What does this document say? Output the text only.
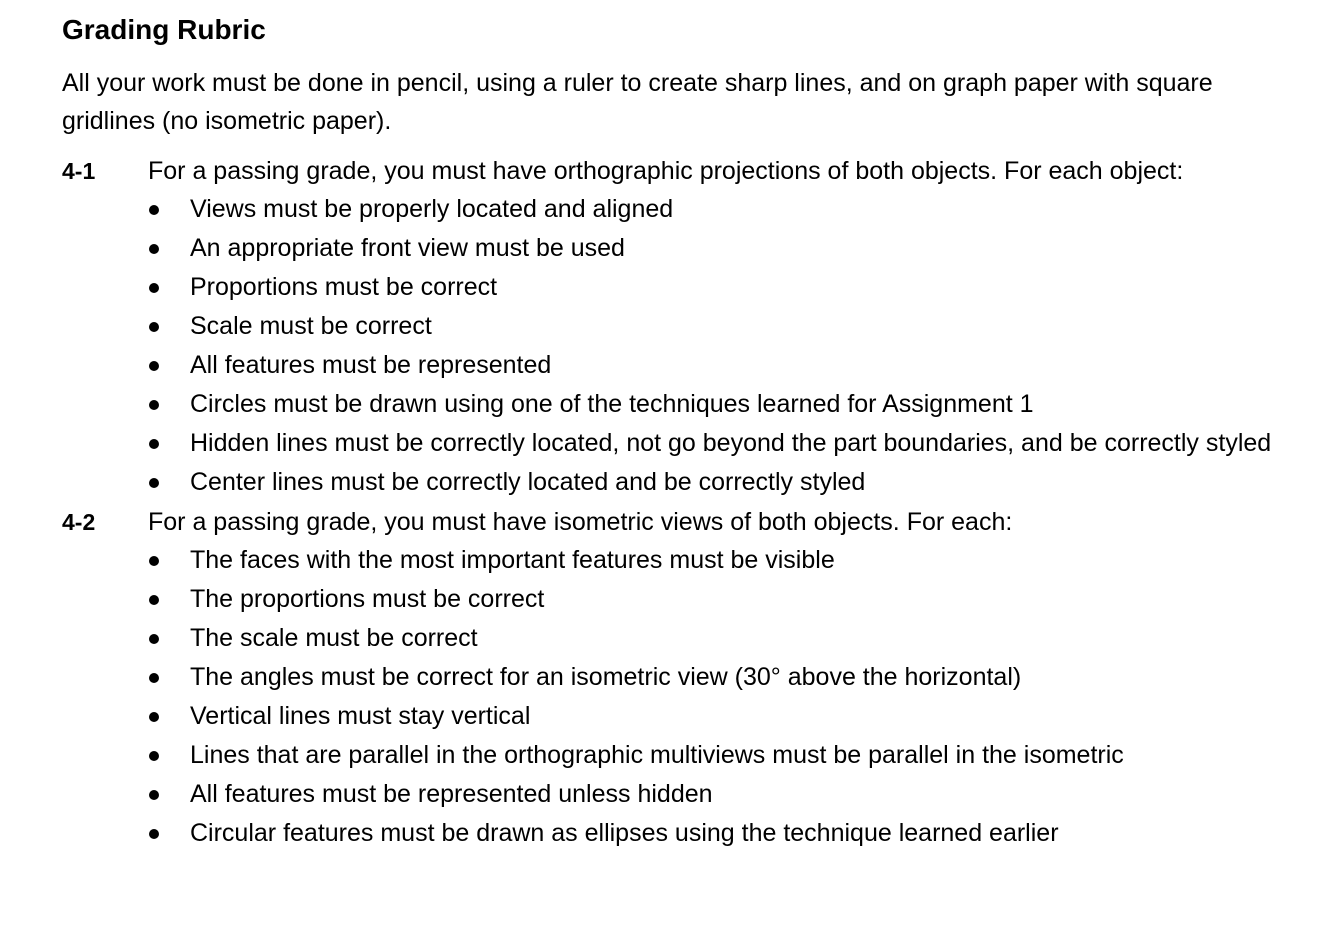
Grading Rubric

All your work must be done in pencil, using a ruler to create sharp lines, and on graph paper with square gridlines (no isometric paper).

4-1 For a passing grade, you must have orthographic projections of both objects. For each object:

Views must be properly located and aligned
An appropriate front view must be used
Proportions must be correct
Scale must be correct
All features must be represented
Circles must be drawn using one of the techniques learned for Assignment 1
Hidden lines must be correctly located, not go beyond the part boundaries, and be correctly styled
Center lines must be correctly located and be correctly styled

4-2 For a passing grade, you must have isometric views of both objects. For each:

The faces with the most important features must be visible
The proportions must be correct
The scale must be correct
The angles must be correct for an isometric view (30° above the horizontal)
Vertical lines must stay vertical
Lines that are parallel in the orthographic multiviews must be parallel in the isometric
All features must be represented unless hidden
Circular features must be drawn as ellipses using the technique learned earlier
